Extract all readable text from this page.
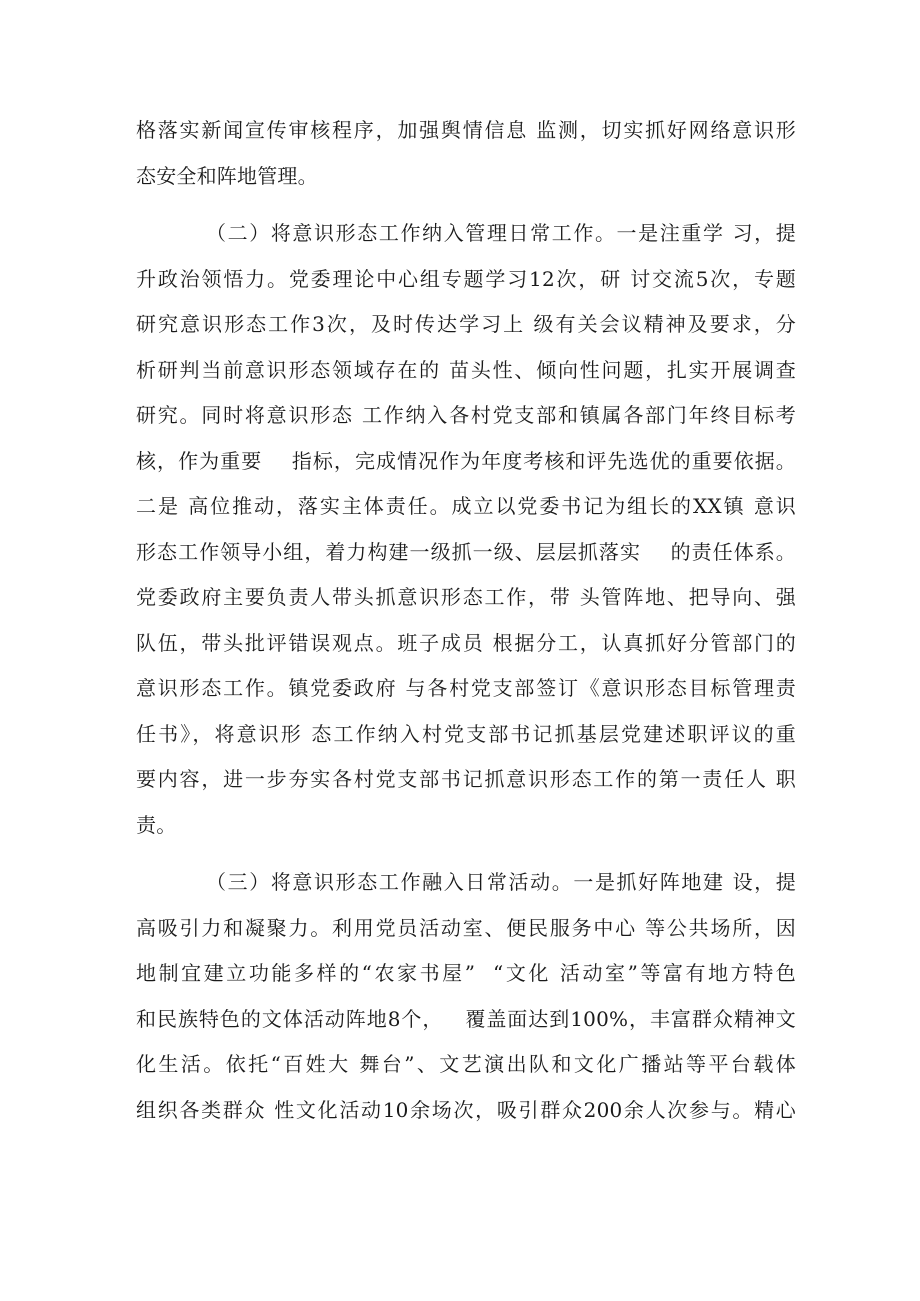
格落实新闻宣传审核程序，加强舆情信息 监测，切实抓好网络意识形
态安全和阵地管理。
（二）将意识形态工作纳入管理日常工作。一是注重学 习，提
升政治领悟力。党委理论中心组专题学习12次，研 讨交流5次，专题
研究意识形态工作3次，及时传达学习上 级有关会议精神及要求，分
析研判当前意识形态领域存在的 苗头性、倾向性问题，扎实开展调查
研究。同时将意识形态 工作纳入各村党支部和镇属各部门年终目标考
核，作为重要    指标，完成情况作为年度考核和评先选优的重要依据。
二是 高位推动，落实主体责任。成立以党委书记为组长的XX镇 意识
形态工作领导小组，着力构建一级抓一级、层层抓落实    的责任体系。
党委政府主要负责人带头抓意识形态工作，带 头管阵地、把导向、强
队伍，带头批评错误观点。班子成员 根据分工，认真抓好分管部门的
意识形态工作。镇党委政府 与各村党支部签订《意识形态目标管理责
任书》，将意识形 态工作纳入村党支部书记抓基层党建述职评议的重
要内容，进一步夯实各村党支部书记抓意识形态工作的第一责任人 职
责。
（三）将意识形态工作融入日常活动。一是抓好阵地建 设，提
高吸引力和凝聚力。利用党员活动室、便民服务中心 等公共场所，因
地制宜建立功能多样的“农家书屋”  “文化 活动室”等富有地方特色
和民族特色的文体活动阵地8个，   覆盖面达到100%，丰富群众精神文
化生活。依托“百姓大 舞台”、文艺演出队和文化广播站等平台载体
组织各类群众 性文化活动10余场次，吸引群众200余人次参与。精心
